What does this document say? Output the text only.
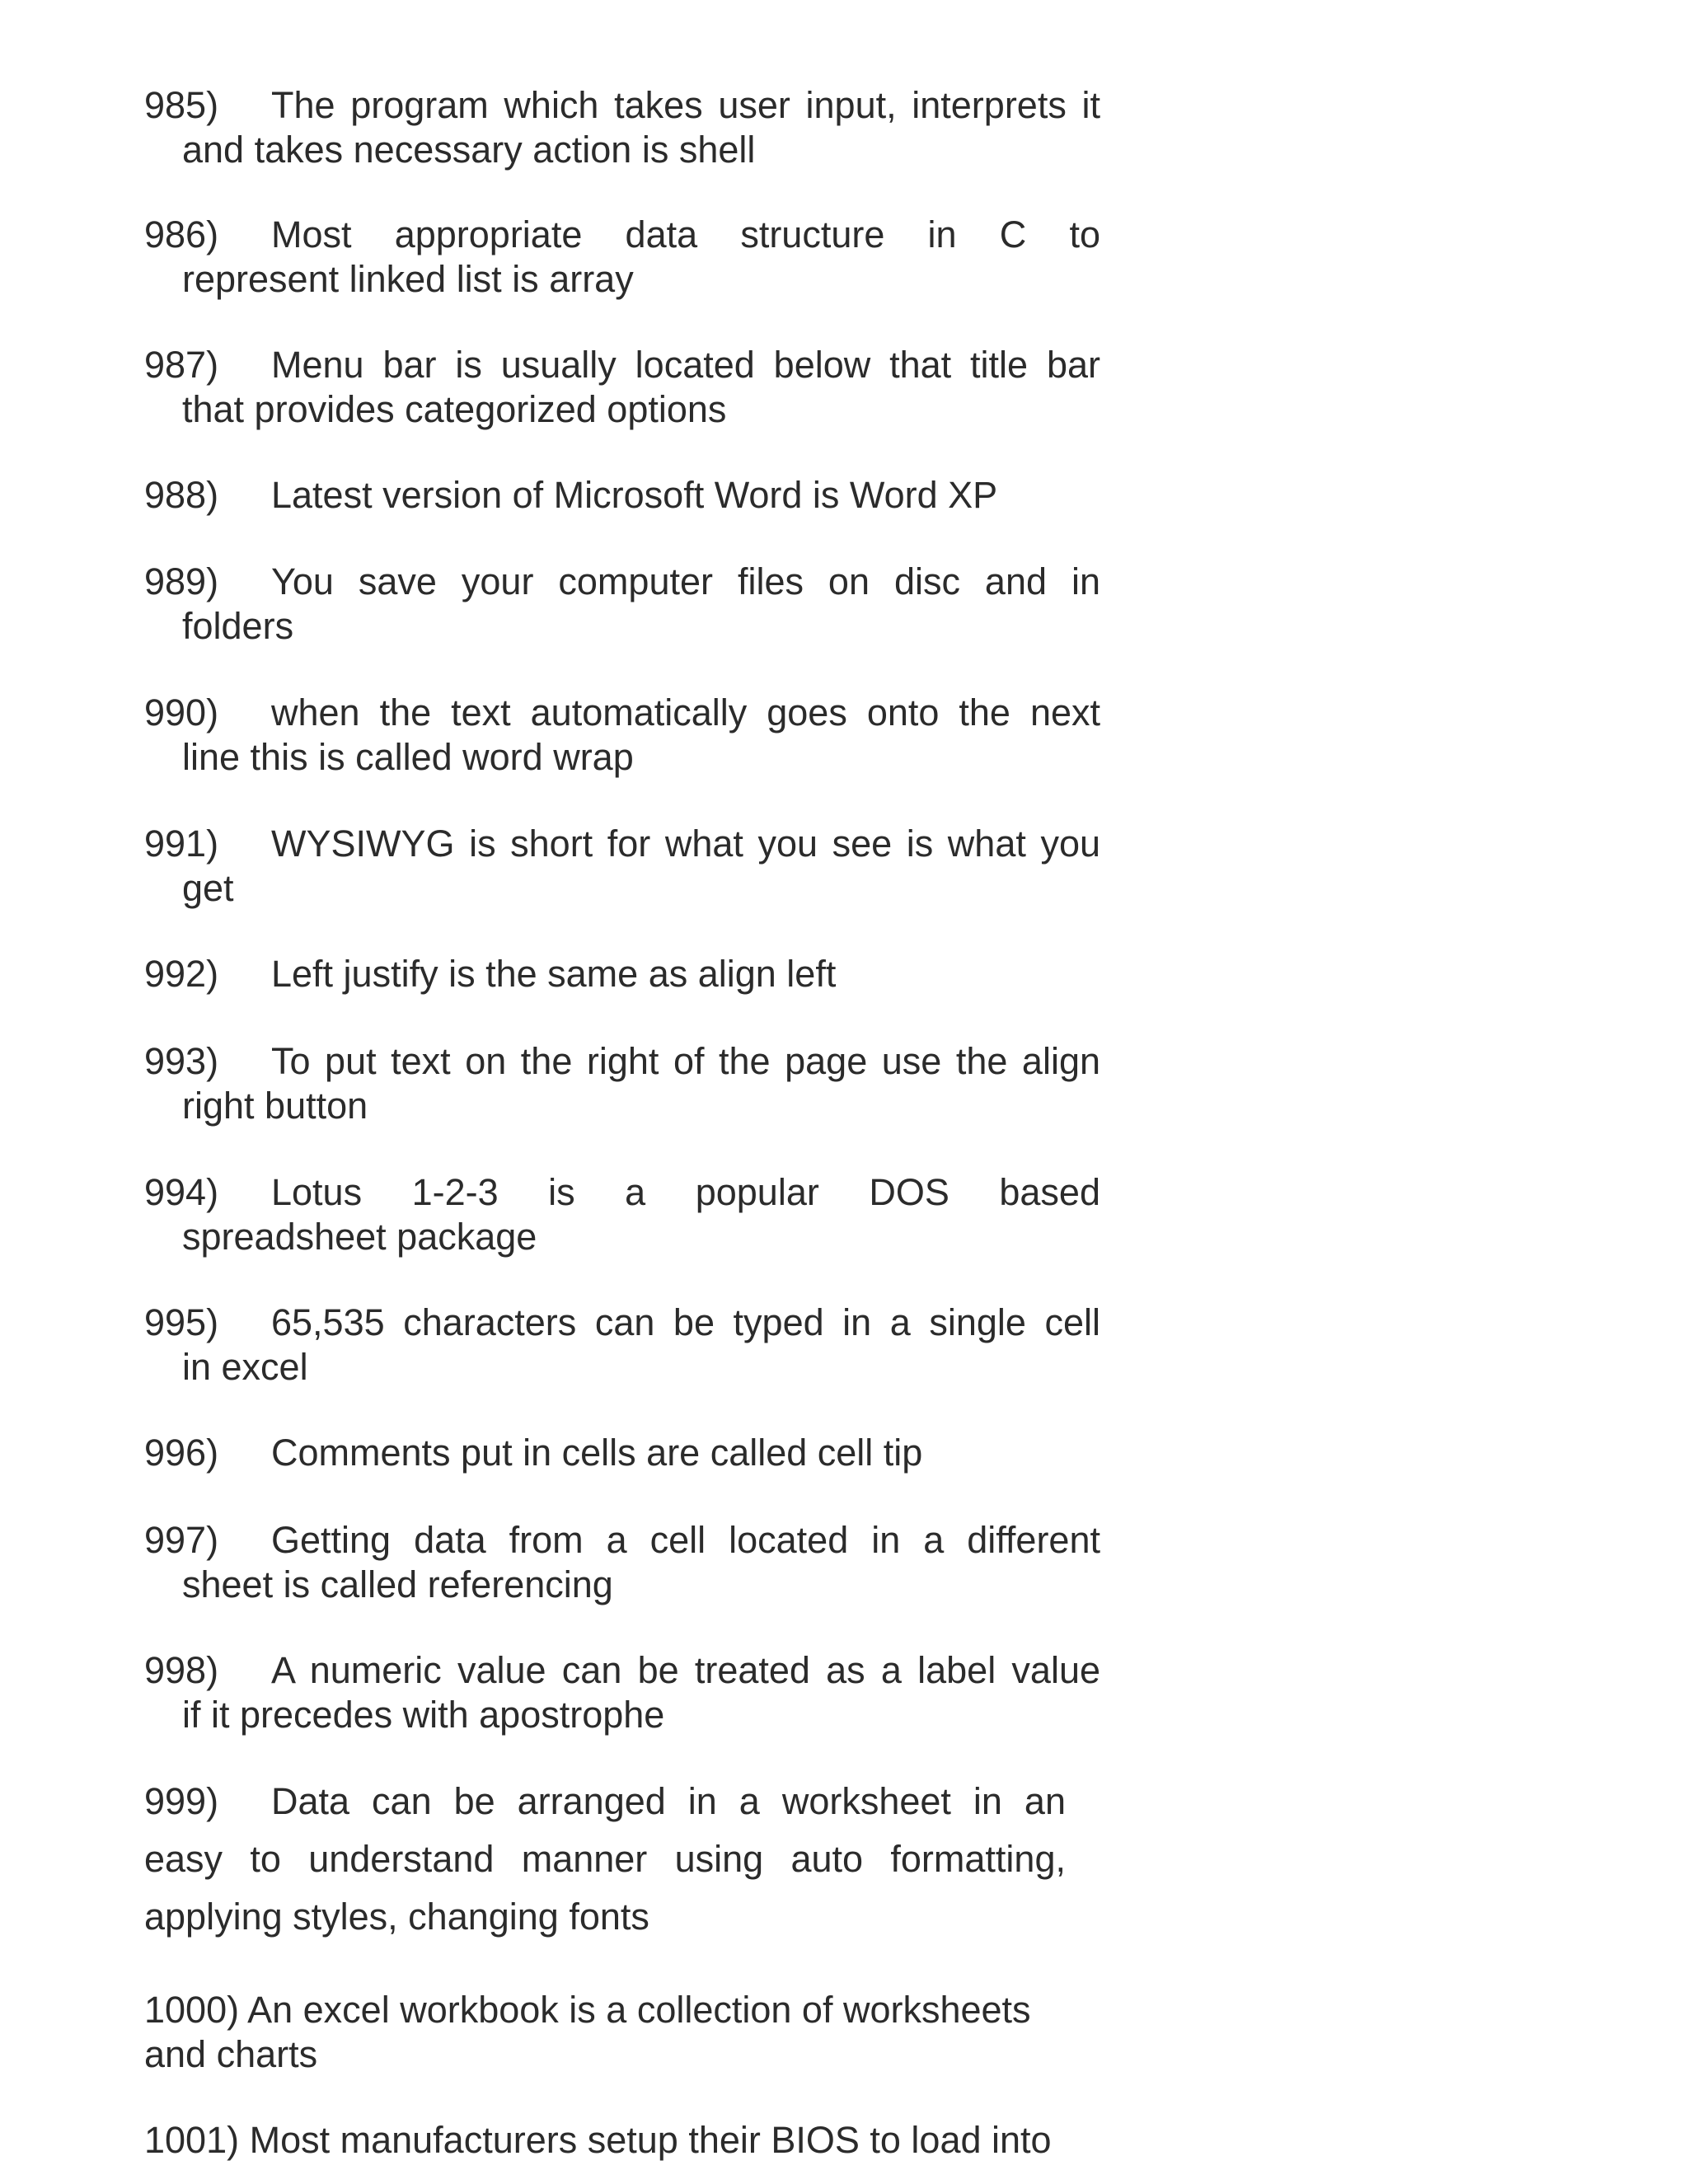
985) The program which takes user input, interprets it
and takes necessary action is shell

986) Most appropriate data structure in C to
represent linked list is array

987) Menu bar is usually located below that title bar
that provides categorized options

988) Latest version of Microsoft Word is Word XP

989) You save your computer files on disc and in
folders

990) when the text automatically goes onto the next
line this is called word wrap

991) WYSIWYG is short for what you see is what you
get

992) Left justify is the same as align left

993) To put text on the right of the page use the align
right button

994) Lotus 1-2-3 is a popular DOS based
spreadsheet package

995) 65,535 characters can be typed in a single cell
in excel

996) Comments put in cells are called cell tip

997) Getting data from a cell located in a different
sheet is called referencing

998) A numeric value can be treated as a label value
if it precedes with apostrophe

999) Data can be arranged in a worksheet in an
easy to understand manner using auto formatting,
applying styles, changing fonts
1000) An excel workbook is a collection of worksheets
and charts
1001) Most manufacturers setup their BIOS to load into
